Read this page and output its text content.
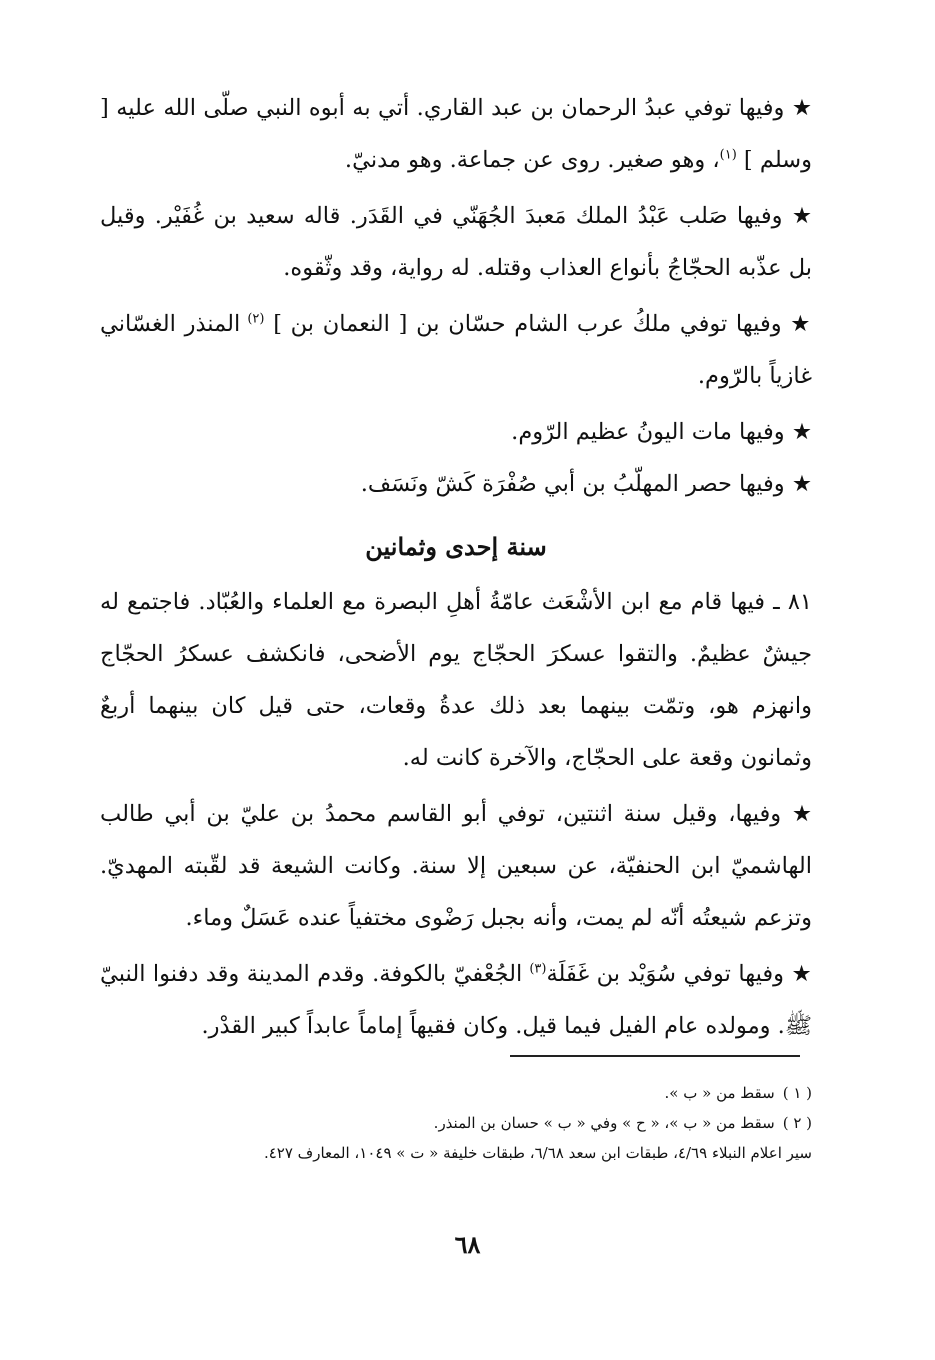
★ وفيها توفي عبدُ الرحمان بن عبد القاري. أتي به أبوه النبي صلّى الله عليه [ وسلم ] $^{(١)}$، وهو صغير. روى عن جماعة. وهو مدنيّ.

★ وفيها صَلب عَبْدُ الملك مَعبدَ الجُهَنّي في القَدَر. قاله سعيد بن غُفَيْر. وقيل بل عذّبه الحجّاجُ بأنواع العذاب وقتله. له رواية، وقد وثّقوه.

★ وفيها توفي ملكُ عرب الشام حسّان بن [ النعمان بن ] $^{(٢)}$ المنذر الغسّاني غازياً بالرّوم.

★ وفيها مات اليونُ عظيم الرّوم.

★ وفيها حصر المهلّبُ بن أبي صُفْرَة كَشّ ونَسَف.

سنة إحدى وثمانين

٨١ ـ فيها قام مع ابن الأشْعَث عامّةُ أهلِ البصرة مع العلماء والعُبّاد. فاجتمع له جيشٌ عظيمٌ. والتقوا عسكرَ الحجّاج يوم الأضحى، فانكشف عسكرُ الحجّاج وانهزم هو، وتمّت بينهما بعد ذلك عدةُ وقعات، حتى قيل كان بينهما أربعٌ وثمانون وقعة على الحجّاج، والآخرة كانت له.

★ وفيها، وقيل سنة اثنتين، توفي أبو القاسم محمدُ بن عليّ بن أبي طالب الهاشميّ ابن الحنفيّة، عن سبعين إلا سنة. وكانت الشيعة قد لقّبته المهديّ. وتزعم شيعتُه أنّه لم يمت، وأنه بجبل رَضْوى مختفياً عنده عَسَلٌ وماء.

★ وفيها توفي سُوَيْد بن غَفَلَة$^{(٣)}$ الجُعْفيّ بالكوفة. وقدم المدينة وقد دفنوا النبيّ ﷺ. ومولده عام الفيل فيما قيل. وكان فقيهاً إماماً عابداً كبير القدْر.

( ١ )سقط من « ب ».
( ٢ )سقط من « ب »، « ح » وفي « ب » حسان بن المنذر.
سير اعلام النبلاء ٤/٦٩، طبقات ابن سعد ٦/٦٨، طبقات خليفة « ت » ١٠٤٩، المعارف ٤٢٧.
٦٨
